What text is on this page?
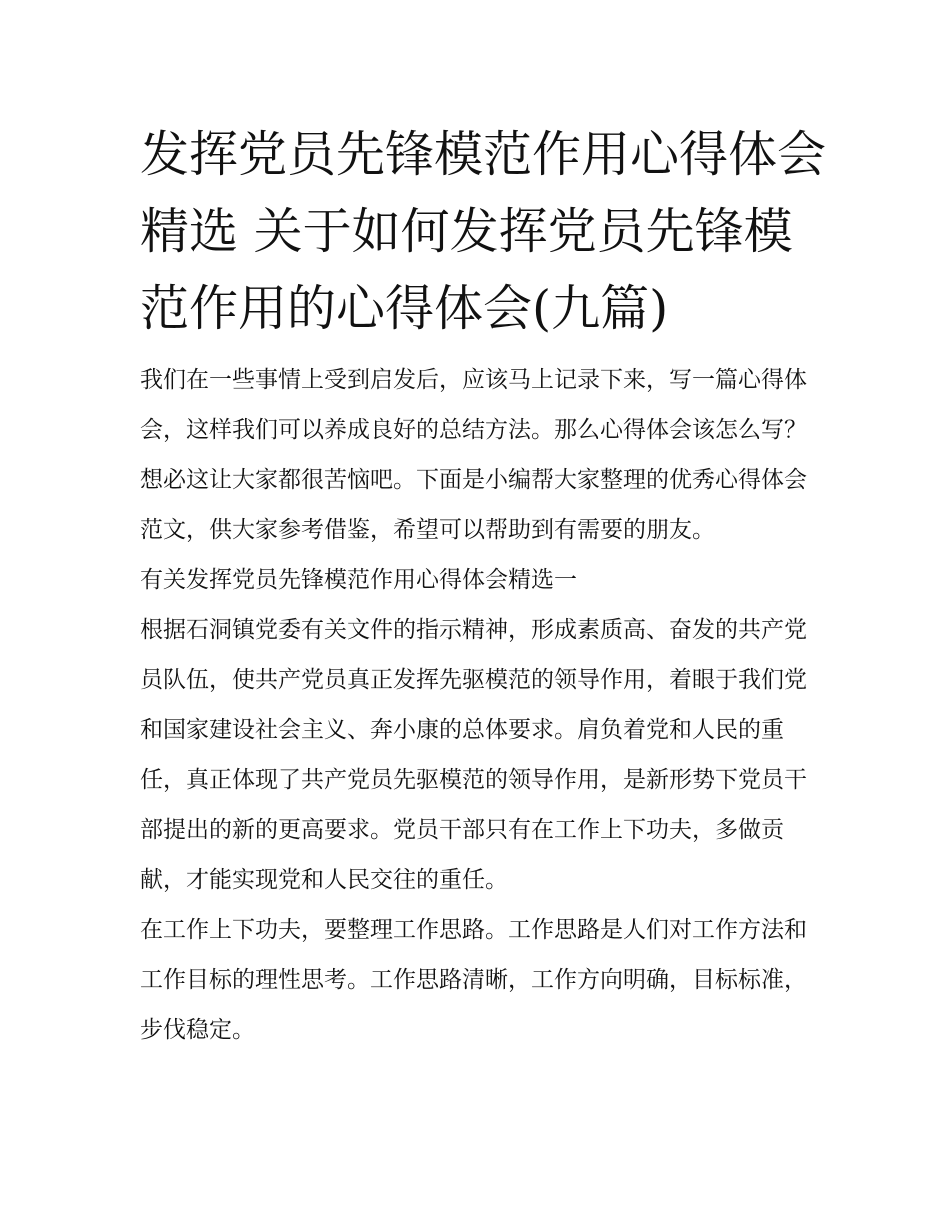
发挥党员先锋模范作用心得体会精选 关于如何发挥党员先锋模范作用的心得体会(九篇)

我们在一些事情上受到启发后，应该马上记录下来，写一篇心得体会，这样我们可以养成良好的总结方法。那么心得体会该怎么写？想必这让大家都很苦恼吧。下面是小编帮大家整理的优秀心得体会范文，供大家参考借鉴，希望可以帮助到有需要的朋友。

有关发挥党员先锋模范作用心得体会精选一

根据石洞镇党委有关文件的指示精神，形成素质高、奋发的共产党员队伍，使共产党员真正发挥先驱模范的领导作用，着眼于我们党和国家建设社会主义、奔小康的总体要求。肩负着党和人民的重任，真正体现了共产党员先驱模范的领导作用，是新形势下党员干部提出的新的更高要求。党员干部只有在工作上下功夫，多做贡献，才能实现党和人民交往的重任。

在工作上下功夫，要整理工作思路。工作思路是人们对工作方法和工作目标的理性思考。工作思路清晰，工作方向明确，目标标准，步伐稳定。
